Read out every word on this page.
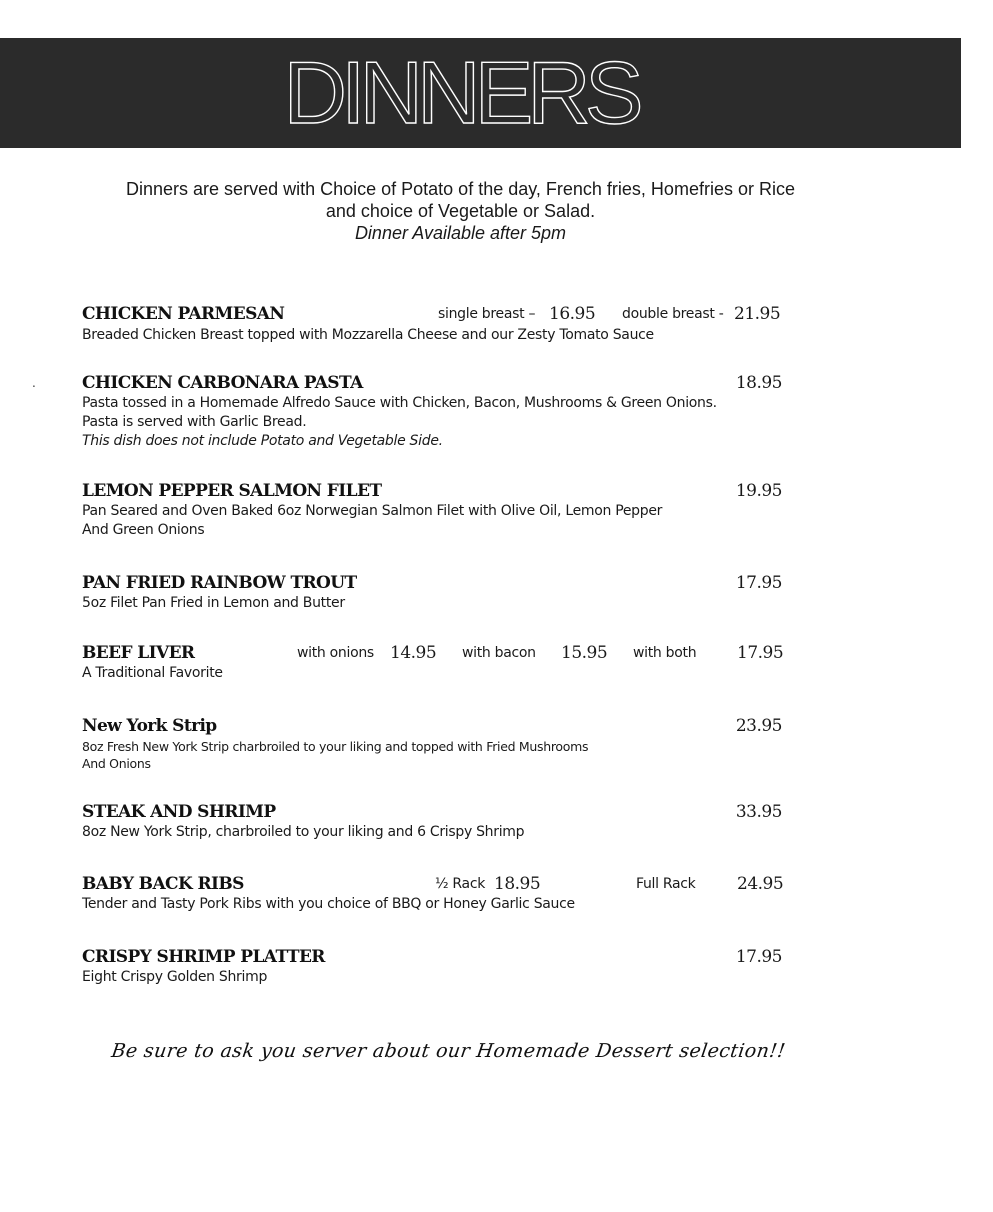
DINNERS
Dinners are served with Choice of Potato of the day, French fries, Homefries or Rice
and choice of Vegetable or Salad.
Dinner Available after 5pm
.
CHICKEN PARMESAN	single breast – 16.95 double breast - 21.95
Breaded Chicken Breast topped with Mozzarella Cheese and our Zesty Tomato Sauce
CHICKEN CARBONARA PASTA	18.95
Pasta tossed in a Homemade Alfredo Sauce with Chicken, Bacon, Mushrooms & Green Onions.
Pasta is served with Garlic Bread.
This dish does not include Potato and Vegetable Side.
LEMON PEPPER SALMON FILET	19.95
Pan Seared and Oven Baked 6oz Norwegian Salmon Filet with Olive Oil, Lemon Pepper
And Green Onions
PAN FRIED RAINBOW TROUT	17.95
5oz Filet Pan Fried in Lemon and Butter
BEEF LIVER	with onions 14.95 with bacon 15.95 with both 17.95
A Traditional Favorite
New York Strip	23.95
8oz Fresh New York Strip charbroiled to your liking and topped with Fried Mushrooms
And Onions
STEAK AND SHRIMP	33.95
8oz New York Strip, charbroiled to your liking and 6 Crispy Shrimp
BABY BACK RIBS	½ Rack 18.95	Full Rack 24.95
Tender and Tasty Pork Ribs with you choice of BBQ or Honey Garlic Sauce
CRISPY SHRIMP PLATTER	17.95
Eight Crispy Golden Shrimp
Be sure to ask you server about our Homemade Dessert selection!!
